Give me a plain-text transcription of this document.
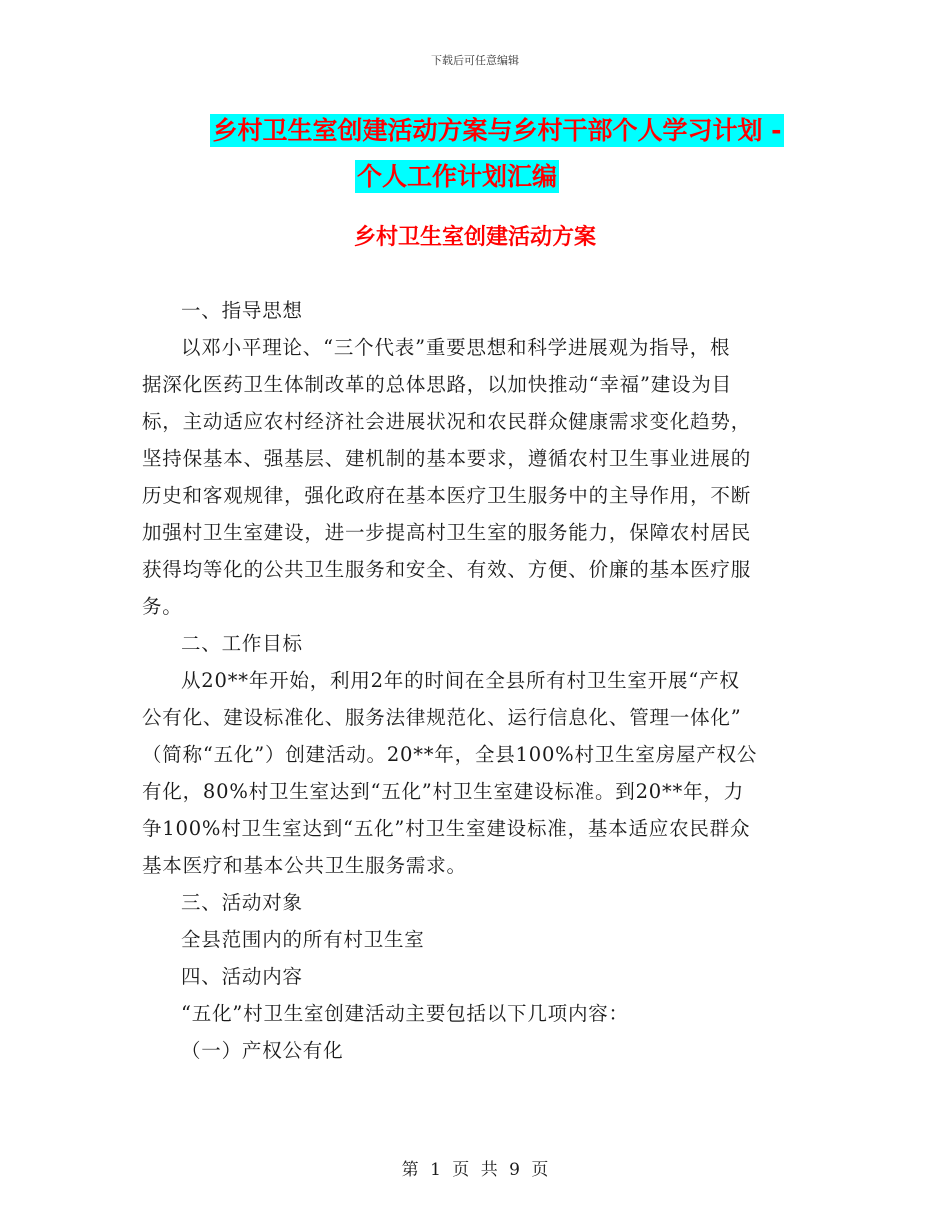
下载后可任意编辑
乡村卫生室创建活动方案与乡村干部个人学习计划 -
个人工作计划汇编
乡村卫生室创建活动方案

一、指导思想

以邓小平理论、“三个代表”重要思想和科学进展观为指导，根
据深化医药卫生体制改革的总体思路，以加快推动“幸福”建设为目
标，主动适应农村经济社会进展状况和农民群众健康需求变化趋势，
坚持保基本、强基层、建机制的基本要求，遵循农村卫生事业进展的
历史和客观规律，强化政府在基本医疗卫生服务中的主导作用，不断
加强村卫生室建设，进一步提高村卫生室的服务能力，保障农村居民
获得均等化的公共卫生服务和安全、有效、方便、价廉的基本医疗服
务。

二、工作目标

从20**年开始，利用2年的时间在全县所有村卫生室开展“产权
公有化、建设标准化、服务法律规范化、运行信息化、管理一体化”
（简称“五化”）创建活动。20**年，全县100%村卫生室房屋产权公
有化，80%村卫生室达到“五化”村卫生室建设标准。到20**年，力
争100%村卫生室达到“五化”村卫生室建设标准，基本适应农民群众
基本医疗和基本公共卫生服务需求。

三、活动对象

全县范围内的所有村卫生室

四、活动内容

“五化”村卫生室创建活动主要包括以下几项内容：

（一）产权公有化

第 1 页 共 9 页
